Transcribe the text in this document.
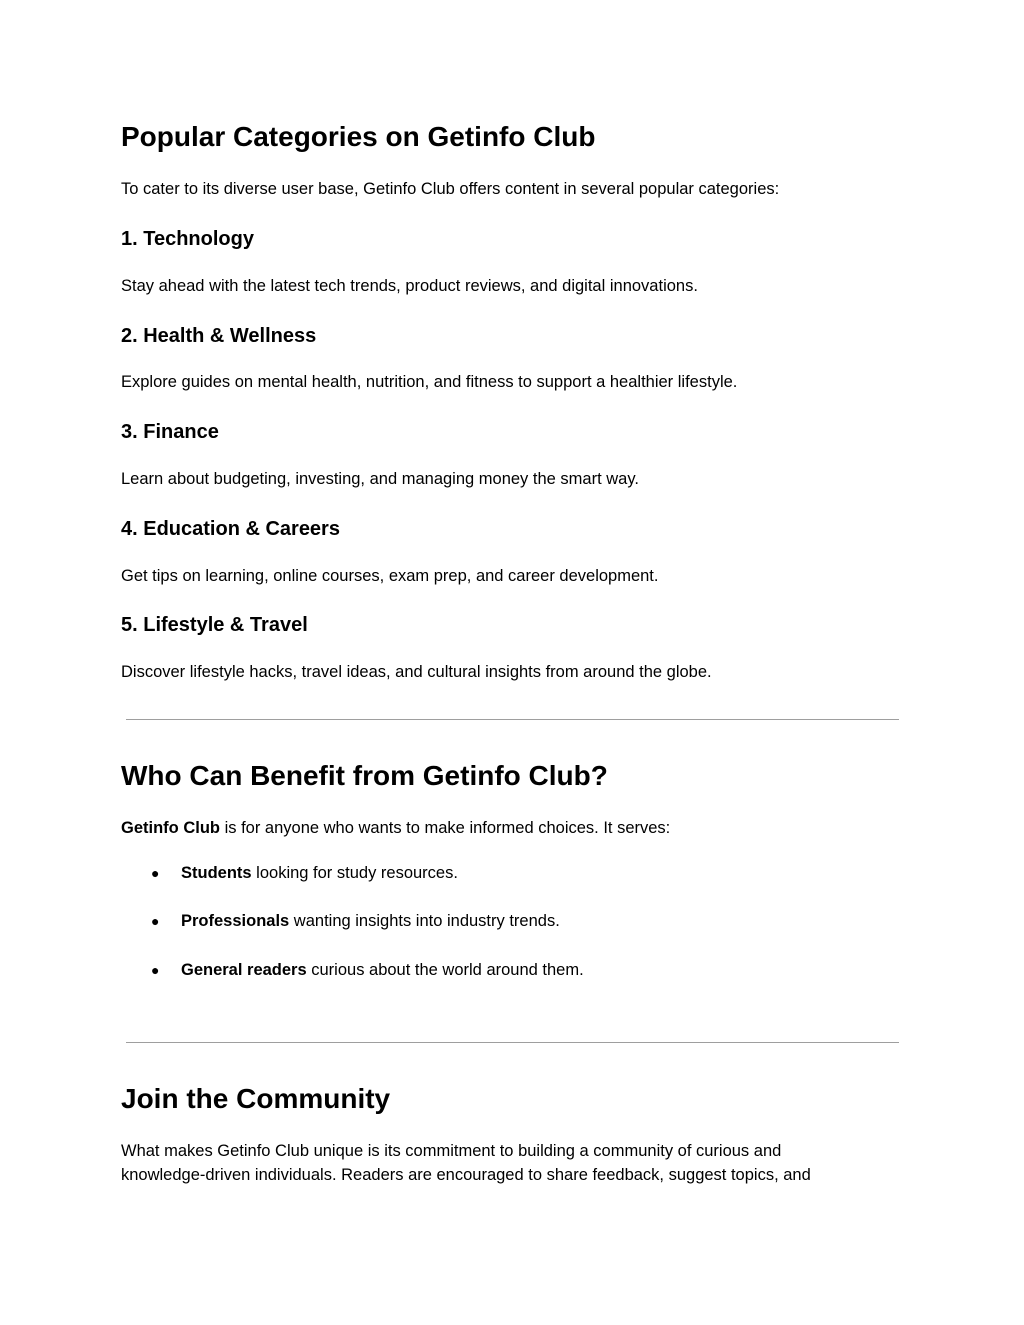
Popular Categories on Getinfo Club

To cater to its diverse user base, Getinfo Club offers content in several popular categories:

1. Technology

Stay ahead with the latest tech trends, product reviews, and digital innovations.

2. Health & Wellness

Explore guides on mental health, nutrition, and fitness to support a healthier lifestyle.

3. Finance

Learn about budgeting, investing, and managing money the smart way.

4. Education & Careers

Get tips on learning, online courses, exam prep, and career development.

5. Lifestyle & Travel

Discover lifestyle hacks, travel ideas, and cultural insights from around the globe.

Who Can Benefit from Getinfo Club?

Getinfo Club is for anyone who wants to make informed choices. It serves:

● Students looking for study resources.
● Professionals wanting insights into industry trends.
● General readers curious about the world around them.
Join the Community

What makes Getinfo Club unique is its commitment to building a community of curious and

knowledge-driven individuals. Readers are encouraged to share feedback, suggest topics, and
